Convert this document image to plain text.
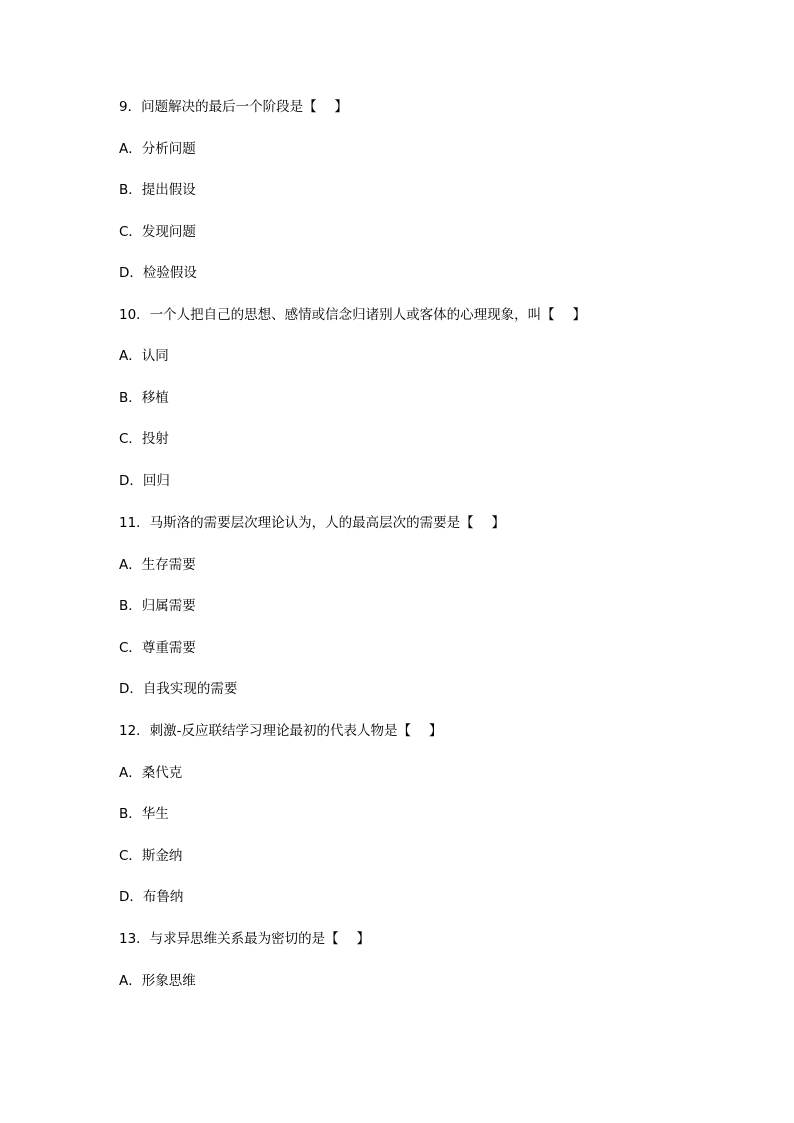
9．问题解决的最后一个阶段是【　 】
A．分析问题
B．提出假设
C．发现问题
D．检验假设
10．一个人把自己的思想、感情或信念归诸别人或客体的心理现象，叫【　 】
A．认同
B．移植
C．投射
D．回归
11．马斯洛的需要层次理论认为，人的最高层次的需要是【　 】
A．生存需要
B．归属需要
C．尊重需要
D．自我实现的需要
12．刺激-反应联结学习理论最初的代表人物是【　 】
A．桑代克
B．华生
C．斯金纳
D．布鲁纳
13．与求异思维关系最为密切的是【　 】
A．形象思维
